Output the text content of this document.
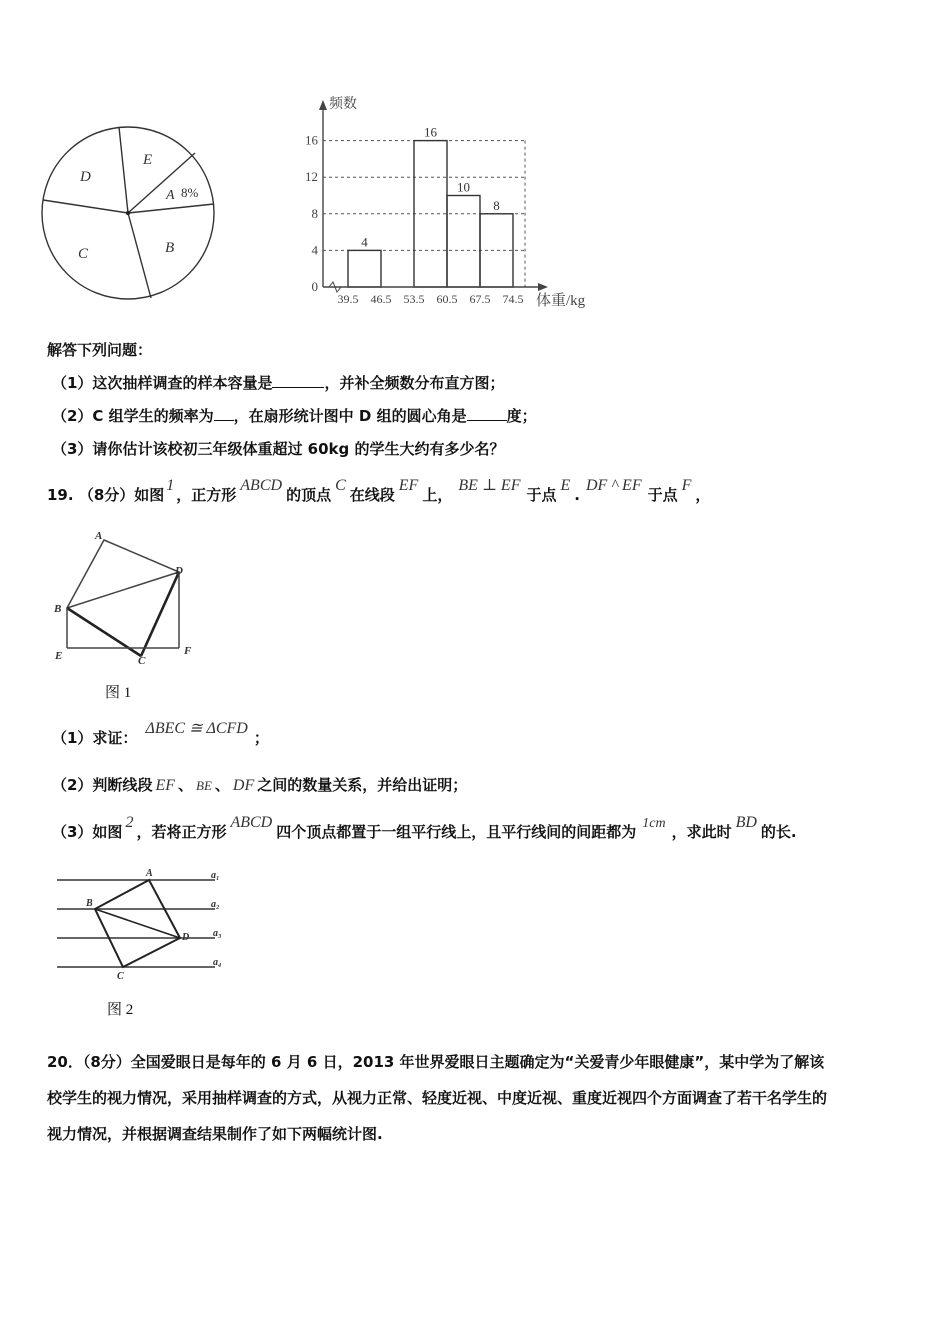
D
E
A 8%
B
C
0
4
8
12
16
4
16
10
8
39.5 46.5 53.5 60.5 67.5 74.5
频数
体重/kg
解答下列问题：
（1）这次抽样调查的样本容量是	，并补全频数分布直方图；
（2）C 组学生的频率为 ，在扇形统计图中 D 组的圆心角是	度；
（3）请你估计该校初三年级体重超过 60kg 的学生大约有多少名？
19. （8分）如图1，正方形ABCD的顶点C在线段EF上，BE ⊥ EF于点E.DF ^ EF于点F，
A
D
B
E	C
F
图 1
（1）求证：ΔBEC ≅ ΔCFD；
（2）判断线段 EF 、 BE 、 DF 之间的数量关系，并给出证明；
（3）如图2，若将正方形ABCD四个顶点都置于一组平行线上，且平行线间的间距都为 1cm ，求此时BD的长.
A
B
D
C
a₁
a₂
a₃
a₄
图 2
20．（8分）全国爱眼日是每年的 6 月 6 日，2013 年世界爱眼日主题确定为“关爱青少年眼健康”，某中学为了解该
校学生的视力情况，采用抽样调查的方式，从视力正常、轻度近视、中度近视、重度近视四个方面调查了若干名学生的
视力情况，并根据调查结果制作了如下两幅统计图.
